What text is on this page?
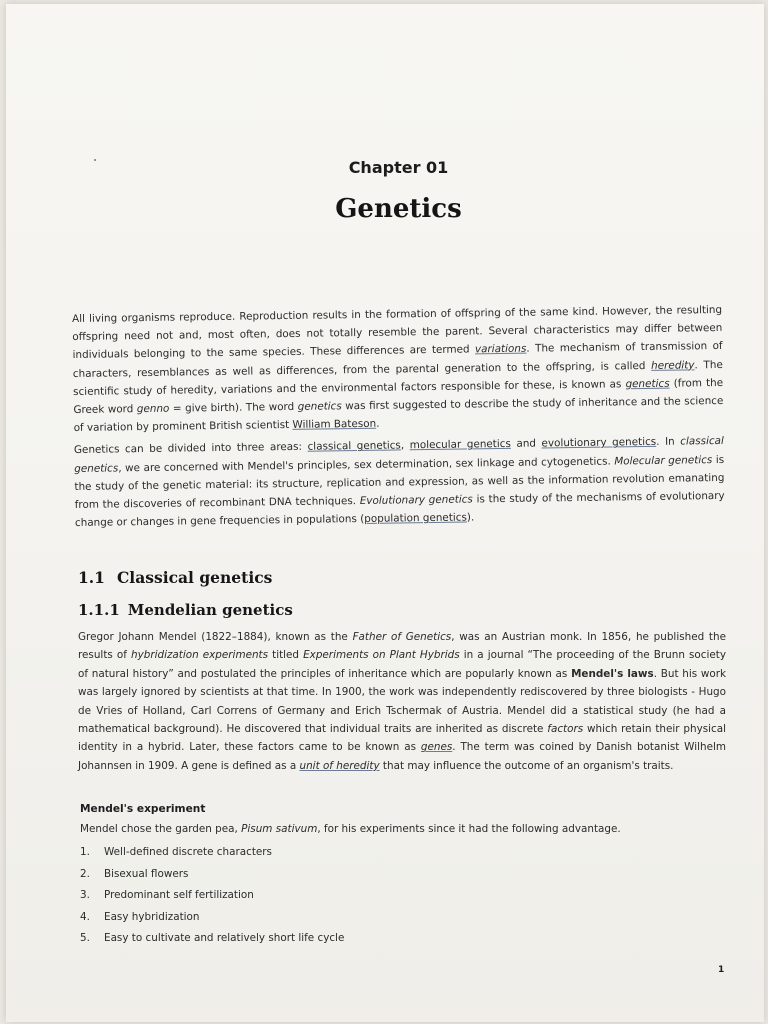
Chapter 01
Genetics

All living organisms reproduce. Reproduction results in the formation of offspring of the same kind. However, the resulting offspring need not and, most often, does not totally resemble the parent. Several characteristics may differ between individuals belonging to the same species. These differences are termed variations. The mechanism of transmission of characters, resemblances as well as differences, from the parental generation to the offspring, is called heredity. The scientific study of heredity, variations and the environmental factors responsible for these, is known as genetics (from the Greek word genno = give birth). The word genetics was first suggested to describe the study of inheritance and the science of variation by prominent British scientist William Bateson.

Genetics can be divided into three areas: classical genetics, molecular genetics and evolutionary genetics. In classical genetics, we are concerned with Mendel's principles, sex determination, sex linkage and cytogenetics. Molecular genetics is the study of the genetic material: its structure, replication and expression, as well as the information revolution emanating from the discoveries of recombinant DNA techniques. Evolutionary genetics is the study of the mechanisms of evolutionary change or changes in gene frequencies in populations (population genetics).

1.1 Classical genetics
1.1.1 Mendelian genetics
Gregor Johann Mendel (1822–1884), known as the Father of Genetics, was an Austrian monk. In 1856, he published the results of hybridization experiments titled Experiments on Plant Hybrids in a journal “The proceeding of the Brunn society of natural history” and postulated the principles of inheritance which are popularly known as Mendel's laws. But his work was largely ignored by scientists at that time. In 1900, the work was independently rediscovered by three biologists - Hugo de Vries of Holland, Carl Correns of Germany and Erich Tschermak of Austria. Mendel did a statistical study (he had a mathematical background). He discovered that individual traits are inherited as discrete factors which retain their physical identity in a hybrid. Later, these factors came to be known as genes. The term was coined by Danish botanist Wilhelm Johannsen in 1909. A gene is defined as a unit of heredity that may influence the outcome of an organism's traits.
Mendel's experiment
Mendel chose the garden pea, Pisum sativum, for his experiments since it had the following advantage.
1. Well-defined discrete characters
2. Bisexual flowers
3. Predominant self fertilization
4. Easy hybridization
5. Easy to cultivate and relatively short life cycle
1
